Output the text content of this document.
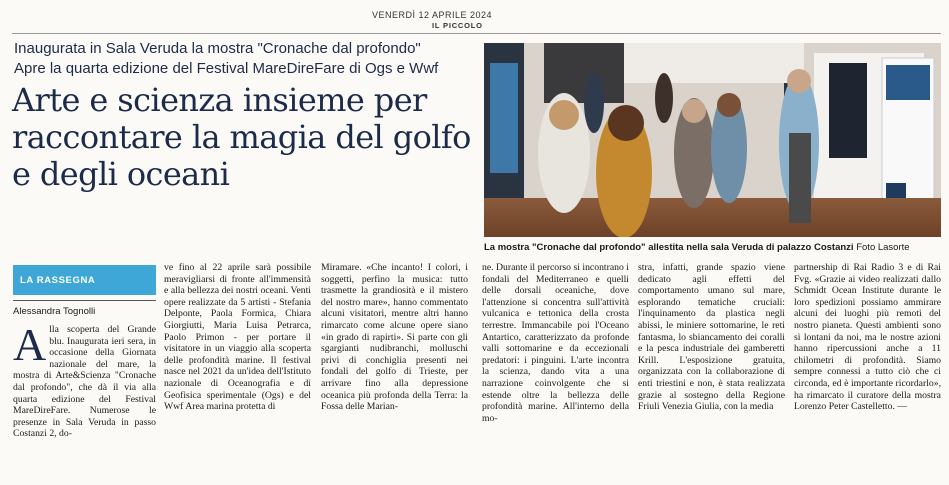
VENERDÌ 12 APRILE 2024
IL PICCOLO
Inaugurata in Sala Veruda la mostra "Cronache dal profondo"
Apre la quarta edizione del Festival MareDireFare di Ogs e Wwf
Arte e scienza insieme per raccontare la magia del golfo e degli oceani
La mostra "Cronache dal profondo" allestita nella sala Veruda di palazzo Costanzi Foto Lasorte
LA RASSEGNA
Alessandra Tognolli

Alla scoperta del Grande blu. Inaugurata ieri sera, in occasione della Giornata nazionale del mare, la mostra di Arte&Scienza "Cronache dal profondo", che dà il via alla quarta edizione del Festival MareDireFare. Numerose le presenze in Sala Veruda in passo Costanzi 2, do-

ve fino al 22 aprile sarà possibile meravigliarsi di fronte all'immensità e alla bellezza dei nostri oceani. Venti opere realizzate da 5 artisti - Stefania Delponte, Paola Formica, Chiara Giorgiutti, Maria Luisa Petrarca, Paolo Primon - per portare il visitatore in un viaggio alla scoperta delle profondità marine. Il festival nasce nel 2021 da un'idea dell'Istituto nazionale di Oceanografia e di Geofisica sperimentale (Ogs) e del Wwf Area marina protetta di

Miramare. «Che incanto! I colori, i soggetti, perfino la musica: tutto trasmette la grandiosità e il mistero del nostro mare», hanno commentato alcuni visitatori, mentre altri hanno rimarcato come alcune opere siano «in grado di rapirti». Si parte con gli sgargianti nudibranchi, molluschi privi di conchiglia presenti nei fondali del golfo di Trieste, per arrivare fino alla depressione oceanica più profonda della Terra: la Fossa delle Marian-

ne. Durante il percorso si incontrano i fondali del Mediterraneo e quelli delle dorsali oceaniche, dove l'attenzione si concentra sull'attività vulcanica e tettonica della crosta terrestre. Immancabile poi l'Oceano Antartico, caratterizzato da profonde valli sottomarine e da eccezionali predatori: i pinguini. L'arte incontra la scienza, dando vita a una narrazione coinvolgente che si estende oltre la bellezza delle profondità marine. All'interno della mo-

stra, infatti, grande spazio viene dedicato agli effetti del comportamento umano sul mare, esplorando tematiche cruciali: l'inquinamento da plastica negli abissi, le miniere sottomarine, le reti fantasma, lo sbiancamento dei coralli e la pesca industriale dei gamberetti Krill. L'esposizione gratuita, organizzata con la collaborazione di enti triestini e non, è stata realizzata grazie al sostegno della Regione Friuli Venezia Giulia, con la media

partnership di Rai Radio 3 e di Rai Fvg. «Grazie ai video realizzati dallo Schmidt Ocean Institute durante le loro spedizioni possiamo ammirare alcuni dei luoghi più remoti del nostro pianeta. Questi ambienti sono sì lontani da noi, ma le nostre azioni hanno ripercussioni anche a 11 chilometri di profondità. Siamo sempre connessi a tutto ciò che ci circonda, ed è importante ricordarlo», ha rimarcato il curatore della mostra Lorenzo Peter Castelletto. —
